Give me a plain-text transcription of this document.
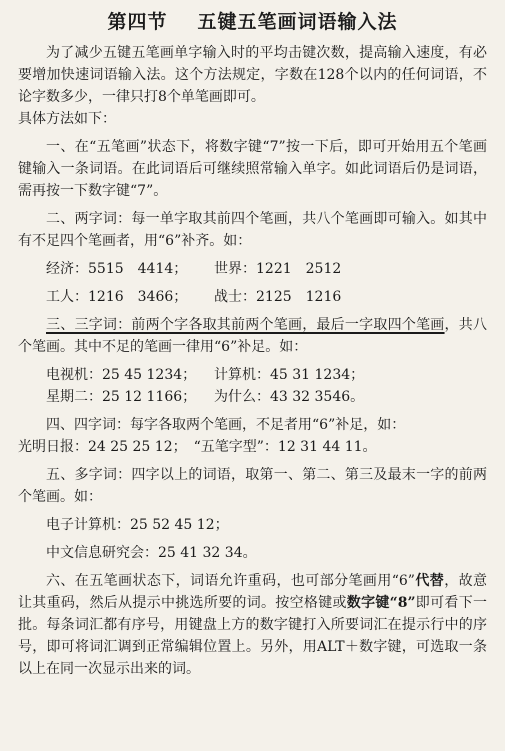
第四节 五键五笔画词语输入法

为了减少五键五笔画单字输入时的平均击键次数，提高输入速度，有必要增加快速词语输入法。这个方法规定，字数在128个以内的任何词语，不论字数多少，一律只打8个单笔画即可。

具体方法如下：

一、在“五笔画”状态下，将数字键“7”按一下后，即可开始用五个笔画键输入一条词语。在此词语后可继续照常输入单字。如此词语后仍是词语，需再按一下数字键“7”。

二、两字词：每一单字取其前四个笔画，共八个笔画即可输入。如其中有不足四个笔画者，用“6”补齐。如：

经济：5515　4414； 世界：1221　2512
工人：1216　3466； 战士：2125　1216

三、三字词：前两个字各取其前两个笔画，最后一字取四个笔画，共八个笔画。其中不足的笔画一律用“6”补足。如：

电视机：25 45 1234； 计算机：45 31 1234；
星期二：25 12 1166； 为什么：43 32 3546。

四、四字词：每字各取两个笔画，不足者用“6”补足，如：

光明日报：24 25 25 12；　“五笔字型”：12 31 44 11。

五、多字词：四字以上的词语，取第一、第二、第三及最末一字的前两个笔画。如：

电子计算机：25 52 45 12；
中文信息研究会：25 41 32 34。

六、在五笔画状态下，词语允许重码，也可部分笔画用“6”代替，故意让其重码，然后从提示中挑选所要的词。按空格键或数字键“8”即可看下一批。每条词汇都有序号，用键盘上方的数字键打入所要词汇在提示行中的序号，即可将词汇调到正常编辑位置上。另外，用ALT＋数字键，可选取一条以上在同一次显示出来的词。
